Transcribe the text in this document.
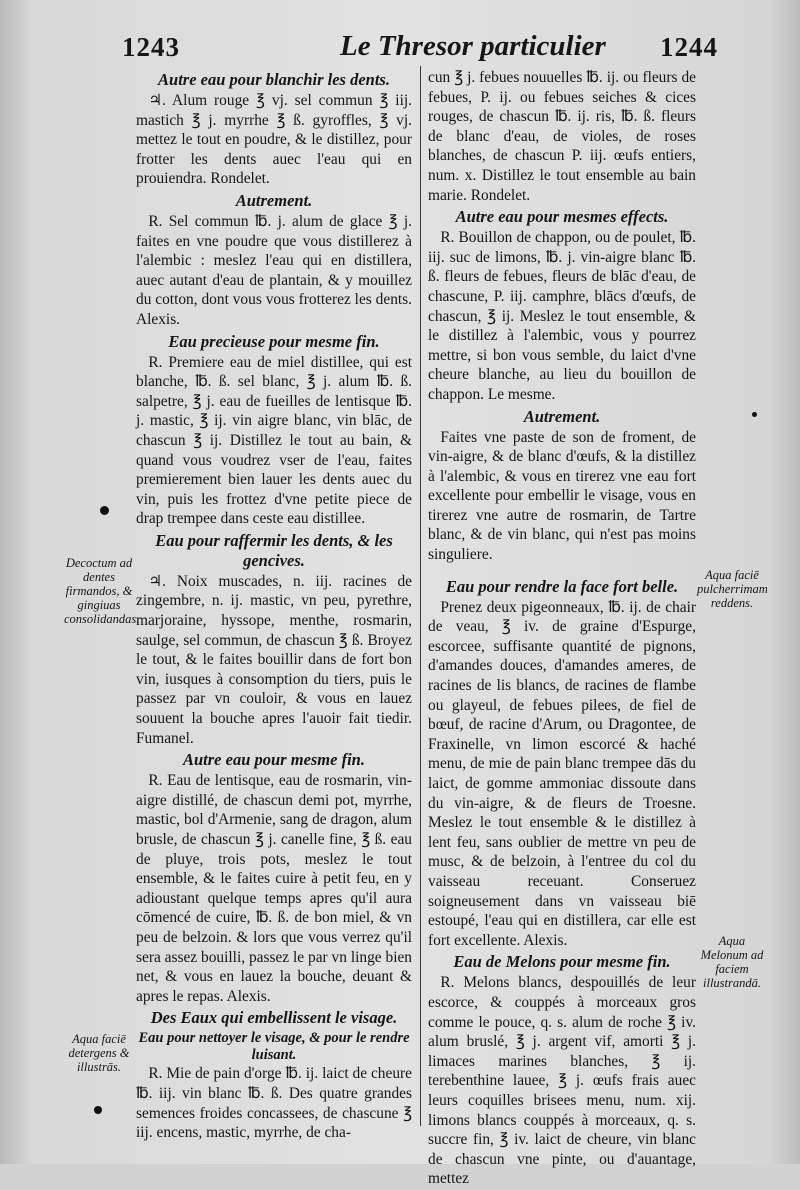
1243	Le Thresor particulier 1244
Autre eau pour blanchir les dents.

♃. Alum rouge ℥ vj. sel commun ℥ iij. mastich ℥ j. myrrhe ℥ ß. gyroffles, ℥ vj. mettez le tout en poudre, & le distillez, pour frotter les dents auec l'eau qui en prouiendra. Rondelet.

Autrement.

R. Sel commun ℔. j. alum de glace ℥ j. faites en vne poudre que vous distillerez à l'alembic : meslez l'eau qui en distillera, auec autant d'eau de plantain, & y mouillez du cotton, dont vous vous frotterez les dents. Alexis.

Eau precieuse pour mesme fin.

R. Premiere eau de miel distillee, qui est blanche, ℔. ß. sel blanc, ℥ j. alum ℔. ß. salpetre, ℥ j. eau de fueilles de lentisque ℔. j. mastic, ℥ ij. vin aigre blanc, vin blāc, de chascun ℥ ij. Distillez le tout au bain, & quand vous voudrez vser de l'eau, faites premierement bien lauer les dents auec du vin, puis les frottez d'vne petite piece de drap trempee dans ceste eau distillee.

Eau pour raffermir les dents, & les gencives.

♃. Noix muscades, n. iij. racines de zingembre, n. ij. mastic, vn peu, pyrethre, marjoraine, hyssope, menthe, rosmarin, saulge, sel commun, de chascun ℥ ß. Broyez le tout, & le faites bouillir dans de fort bon vin, iusques à consomption du tiers, puis le passez par vn couloir, & vous en lauez souuent la bouche apres l'auoir fait tiedir. Fumanel.

Autre eau pour mesme fin.

R. Eau de lentisque, eau de rosmarin, vin-aigre distillé, de chascun demi pot, myrrhe, mastic, bol d'Armenie, sang de dragon, alum brusle, de chascun ℥ j. canelle fine, ℥ ß. eau de pluye, trois pots, meslez le tout ensemble, & le faites cuire à petit feu, en y adioustant quelque temps apres qu'il aura cōmencé de cuire, ℔. ß. de bon miel, & vn peu de belzoin. & lors que vous verrez qu'il sera assez bouilli, passez le par vn linge bien net, & vous en lauez la bouche, deuant & apres le repas. Alexis.

Des Eaux qui embellissent le visage.
Eau pour nettoyer le visage, & pour le rendre luisant.

R. Mie de pain d'orge ℔. ij. laict de cheure ℔. iij. vin blanc ℔. ß. Des quatre grandes semences froides concassees, de chascune ℥ iij. encens, mastic, myrrhe, de cha-

cun ℥ j. febues nouuelles ℔. ij. ou fleurs de febues, P. ij. ou febues seiches & cices rouges, de chascun ℔. ij. ris, ℔. ß. fleurs de blanc d'eau, de violes, de roses blanches, de chascun P. iij. œufs entiers, num. x. Distillez le tout ensemble au bain marie. Rondelet.

Autre eau pour mesmes effects.

R. Bouillon de chappon, ou de poulet, ℔. iij. suc de limons, ℔. j. vin-aigre blanc ℔. ß. fleurs de febues, fleurs de blāc d'eau, de chascune, P. iij. camphre, blācs d'œufs, de chascun, ℥ ij. Meslez le tout ensemble, & le distillez à l'alembic, vous y pourrez mettre, si bon vous semble, du laict d'vne cheure blanche, au lieu du bouillon de chappon. Le mesme.

Autrement.

Faites vne paste de son de froment, de vin-aigre, & de blanc d'œufs, & la distillez à l'alembic, & vous en tirerez vne eau fort excellente pour embellir le visage, vous en tirerez vne autre de rosmarin, de Tartre blanc, & de vin blanc, qui n'est pas moins singuliere.

Eau pour rendre la face fort belle.

Prenez deux pigeonneaux, ℔. ij. de chair de veau, ℥ iv. de graine d'Espurge, escorcee, suffisante quantité de pignons, d'amandes douces, d'amandes ameres, de racines de lis blancs, de racines de flambe ou glayeul, de febues pilees, de fiel de bœuf, de racine d'Arum, ou Dragontee, de Fraxinelle, vn limon escorcé & haché menu, de mie de pain blanc trempee dās du laict, de gomme ammoniac dissoute dans du vin-aigre, & de fleurs de Troesne. Meslez le tout ensemble & le distillez à lent feu, sans oublier de mettre vn peu de musc, & de belzoin, à l'entree du col du vaisseau receuant. Conseruez soigneusement dans vn vaisseau biē estoupé, l'eau qui en distillera, car elle est fort excellente. Alexis.

Eau de Melons pour mesme fin.

R. Melons blancs, despouillés de leur escorce, & couppés à morceaux gros comme le pouce, q. s. alum de roche ℥ iv. alum bruslé, ℥ j. argent vif, amorti ℥ j. limaces marines blanches, ℥ ij. terebenthine lauee, ℥ j. œufs frais auec leurs coquilles brisees menu, num. xij. limons blancs couppés à morceaux, q. s. succre fin, ℥ iv. laict de cheure, vin blanc de chascun vne pinte, ou d'auantage, mettez

Decoctum ad dentes firmandos, & gingiuas consolidandas.
Aqua faciē detergens & illustrās.
Aqua faciē pulcherrimam reddens.
Aqua Melonum ad faciem illustrandā.
